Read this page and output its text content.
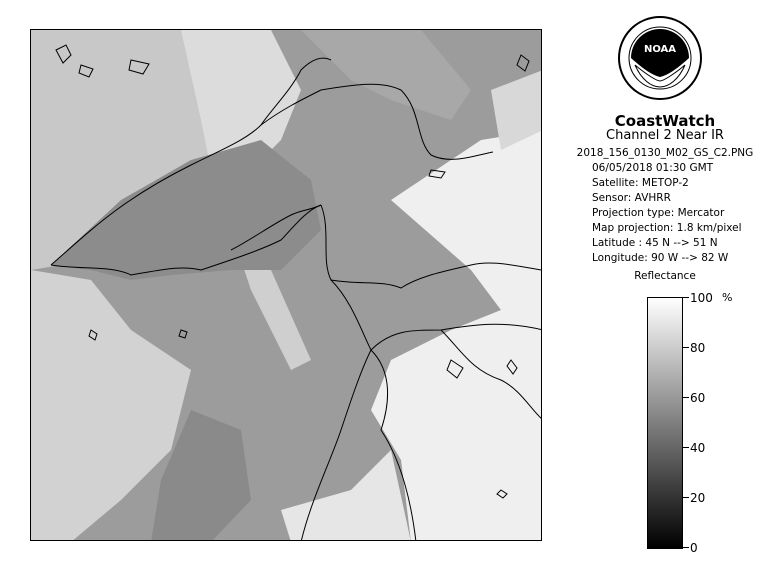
NOAA
CoastWatch
Channel 2 Near IR
2018_156_0130_M02_GS_C2.PNG
06/05/2018 01:30 GMT
Satellite: METOP-2
Sensor: AVHRR
Projection type: Mercator
Map projection: 1.8 km/pixel
Latitude : 45 N --> 51 N
Longitude: 90 W --> 82 W
Reflectance
%
100
80
60
40
20
0
